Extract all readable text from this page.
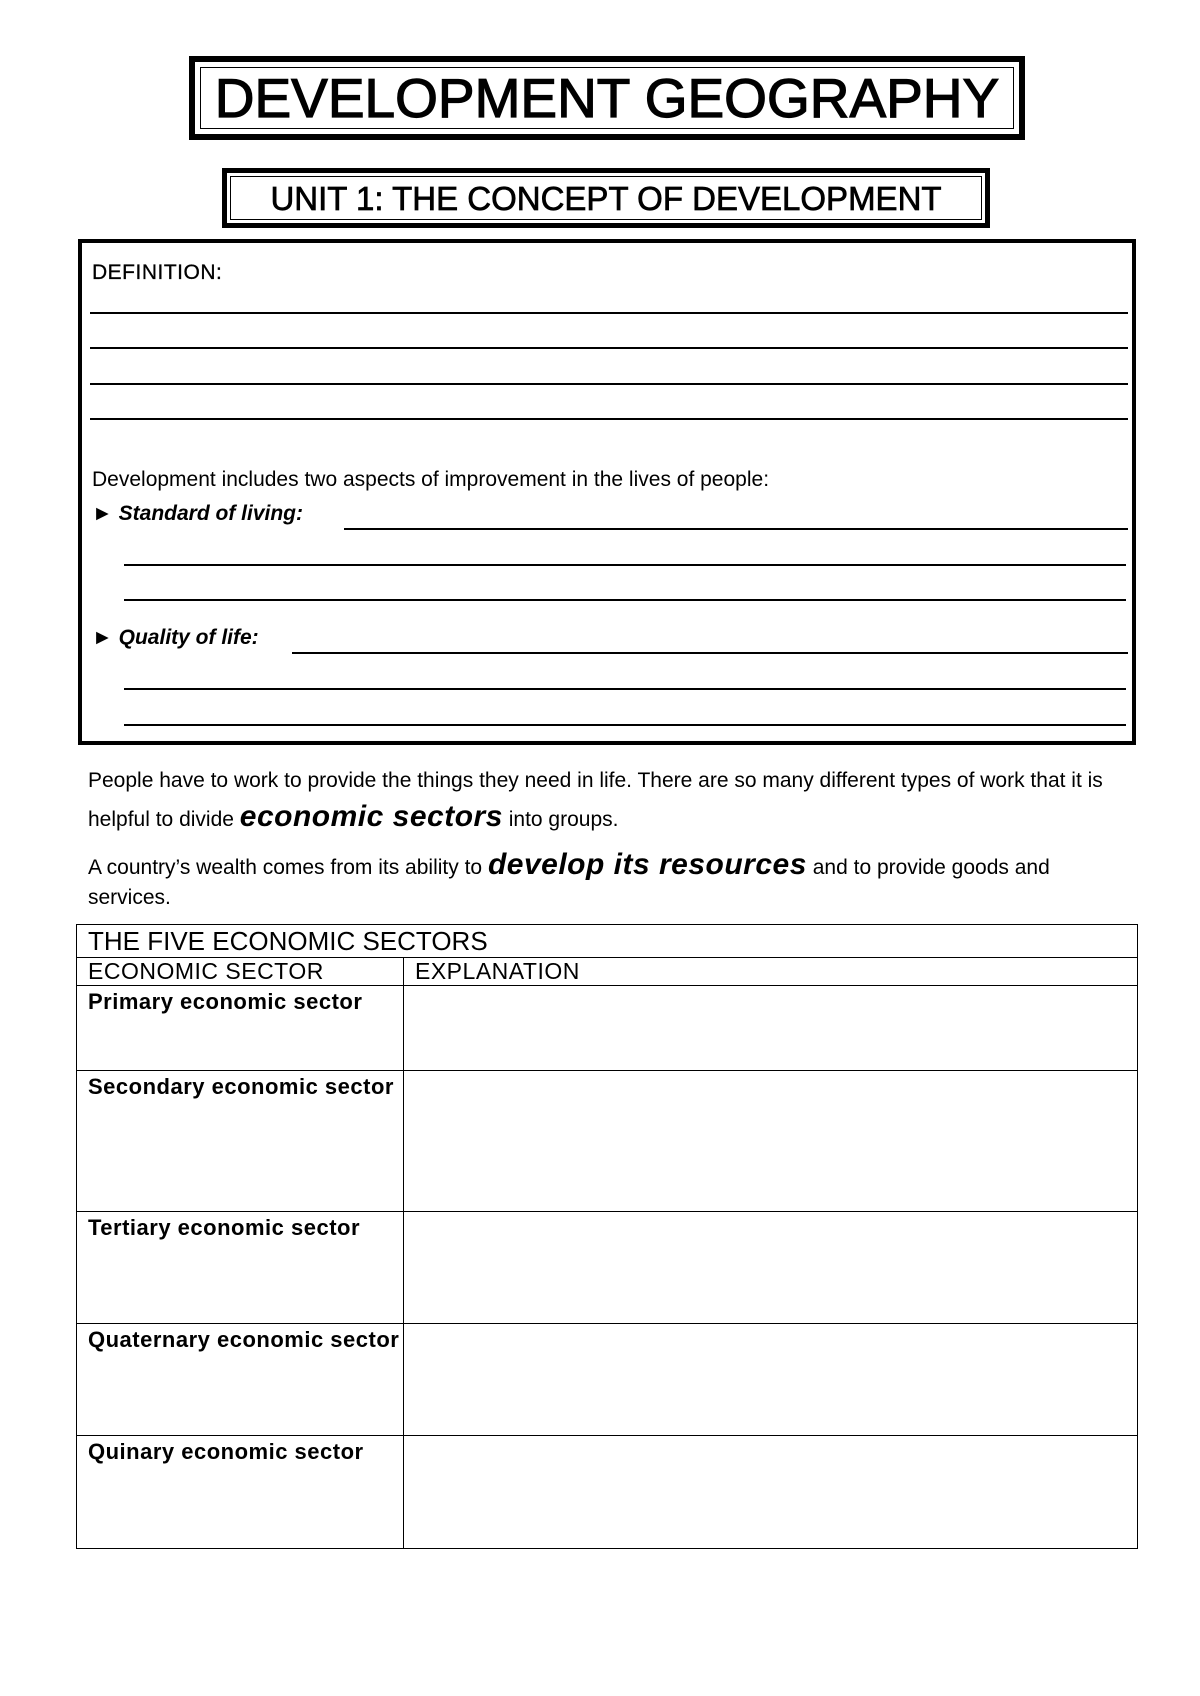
DEVELOPMENT GEOGRAPHY
UNIT 1: THE CONCEPT OF DEVELOPMENT
DEFINITION:
Development includes two aspects of improvement in the lives of people:
► Standard of living:
► Quality of life:
People have to work to provide the things they need in life. There are so many different types of work that it is helpful to divide economic sectors into groups.
A country’s wealth comes from its ability to develop its resources and to provide goods and services.
THE FIVE ECONOMIC SECTORS	
ECONOMIC SECTOR	EXPLANATION
Primary economic sector	
Secondary economic sector	
Tertiary economic sector	
Quaternary economic sector	
Quinary economic sector	
